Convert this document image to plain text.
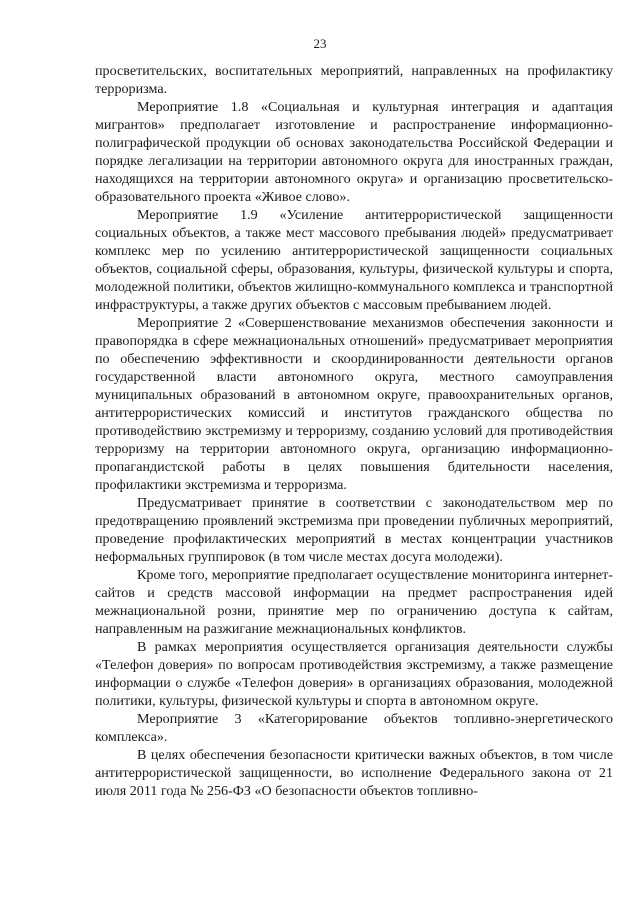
23

просветительских, воспитательных мероприятий, направленных на профилактику терроризма.

Мероприятие 1.8 «Социальная и культурная интеграция и адаптация мигрантов» предполагает изготовление и распространение информационно-полиграфической продукции об основах законодательства Российской Федерации и порядке легализации на территории автономного округа для иностранных граждан, находящихся на территории автономного округа» и организацию просветительско-образовательного проекта «Живое слово».

Мероприятие 1.9 «Усиление антитеррористической защищенности социальных объектов, а также мест массового пребывания людей» предусматривает комплекс мер по усилению антитеррористической защищенности социальных объектов, социальной сферы, образования, культуры, физической культуры и спорта, молодежной политики, объектов жилищно-коммунального комплекса и транспортной инфраструктуры, а также других объектов с массовым пребыванием людей.

Мероприятие 2 «Совершенствование механизмов обеспечения законности и правопорядка в сфере межнациональных отношений» предусматривает мероприятия по обеспечению эффективности и скоординированности деятельности органов государственной власти автономного округа, местного самоуправления муниципальных образований в автономном округе, правоохранительных органов, антитеррористических комиссий и институтов гражданского общества по противодействию экстремизму и терроризму, созданию условий для противодействия терроризму на территории автономного округа, организацию информационно-пропагандистской работы в целях повышения бдительности населения, профилактики экстремизма и терроризма.

Предусматривает принятие в соответствии с законодательством мер по предотвращению проявлений экстремизма при проведении публичных мероприятий, проведение профилактических мероприятий в местах концентрации участников неформальных группировок (в том числе местах досуга молодежи).

Кроме того, мероприятие предполагает осуществление мониторинга интернет-сайтов и средств массовой информации на предмет распространения идей межнациональной розни, принятие мер по ограничению доступа к сайтам, направленным на разжигание межнациональных конфликтов.

В рамках мероприятия осуществляется организация деятельности службы «Телефон доверия» по вопросам противодействия экстремизму, а также размещение информации о службе «Телефон доверия» в организациях образования, молодежной политики, культуры, физической культуры и спорта в автономном округе.

Мероприятие 3 «Категорирование объектов топливно-энергетического комплекса».

В целях обеспечения безопасности критически важных объектов, в том числе антитеррористической защищенности, во исполнение Федерального закона от 21 июля 2011 года № 256-ФЗ «О безопасности объектов топливно-
